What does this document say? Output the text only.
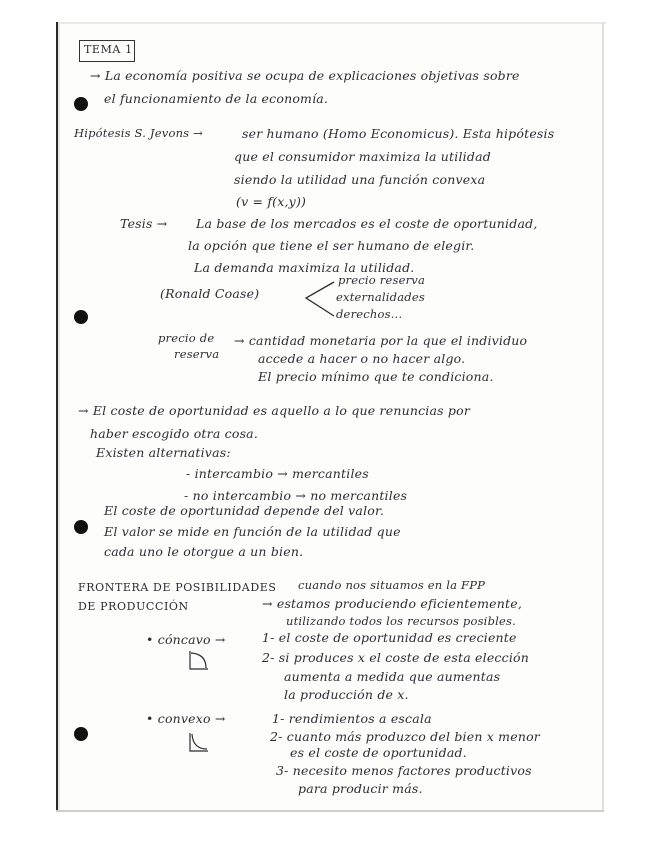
TEMA 1
→ La economía positiva se ocupa de explicaciones objetivas sobre
el funcionamiento de la economía.
Hipótesis S. Jevons →	ser humano (Homo Economicus). Esta hipótesis
que el consumidor maximiza la utilidad
siendo la utilidad una función convexa
(v = f(x,y))
Tesis → La base de los mercados es el coste de oportunidad,
la opción que tiene el ser humano de elegir.
La demanda maximiza la utilidad.
(Ronald Coase)
precio reserva
externalidades
derechos...
precio de
reserva
→ cantidad monetaria por la que el individuo
accede a hacer o no hacer algo.
El precio mínimo que te condiciona.
→ El coste de oportunidad es aquello a lo que renuncias por
haber escogido otra cosa.
Existen alternativas:
- intercambio → mercantiles
- no intercambio → no mercantiles
El coste de oportunidad depende del valor.
El valor se mide en función de la utilidad que
cada uno le otorgue a un bien.
FRONTERA DE POSIBILIDADES
DE PRODUCCIÓN
cuando nos situamos en la FPP
→ estamos produciendo eficientemente,
utilizando todos los recursos posibles.
• cóncavo →	1- el coste de oportunidad es creciente
2- si produces x el coste de esta elección
aumenta a medida que aumentas
la producción de x.
• convexo →	1- rendimientos a escala
2- cuanto más produzco del bien x menor
es el coste de oportunidad.
3- necesito menos factores productivos
para producir más.
